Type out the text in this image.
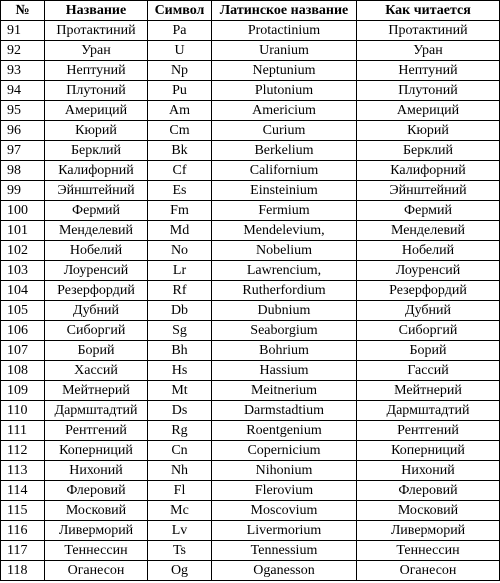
№	Название	Символ	Латинское название	Как читается
91	Протактиний	Pa	Protactinium	Протактиний
92	Уран	U	Uranium	Уран
93	Нептуний	Np	Neptunium	Нептуний
94	Плутоний	Pu	Plutonium	Плутоний
95	Америций	Am	Americium	Америций
96	Кюрий	Cm	Curium	Кюрий
97	Берклий	Bk	Berkelium	Берклий
98	Калифорний	Cf	Californium	Калифорний
99	Эйнштейний	Es	Einsteinium	Эйнштейний
100	Фермий	Fm	Fermium	Фермий
101	Менделевий	Md	Mendelevium,	Менделевий
102	Нобелий	No	Nobelium	Нобелий
103	Лоуренсий	Lr	Lawrencium,	Лоуренсий
104	Резерфордий	Rf	Rutherfordium	Резерфордий
105	Дубний	Db	Dubnium	Дубний
106	Сиборгий	Sg	Seaborgium	Сиборгий
107	Борий	Bh	Bohrium	Борий
108	Хассий	Hs	Hassium	Гассий
109	Мейтнерий	Mt	Meitnerium	Мейтнерий
110	Дармштадтий	Ds	Darmstadtium	Дармштадтий
111	Рентгений	Rg	Roentgenium	Рентгений
112	Коперниций	Cn	Copernicium	Коперниций
113	Нихоний	Nh	Nihonium	Нихоний
114	Флеровий	Fl	Flerovium	Флеровий
115	Московий	Mc	Moscovium	Московий
116	Ливерморий	Lv	Livermorium	Ливерморий
117	Теннессин	Ts	Tennessium	Теннессин
118	Оганесон	Og	Oganesson	Оганесон
